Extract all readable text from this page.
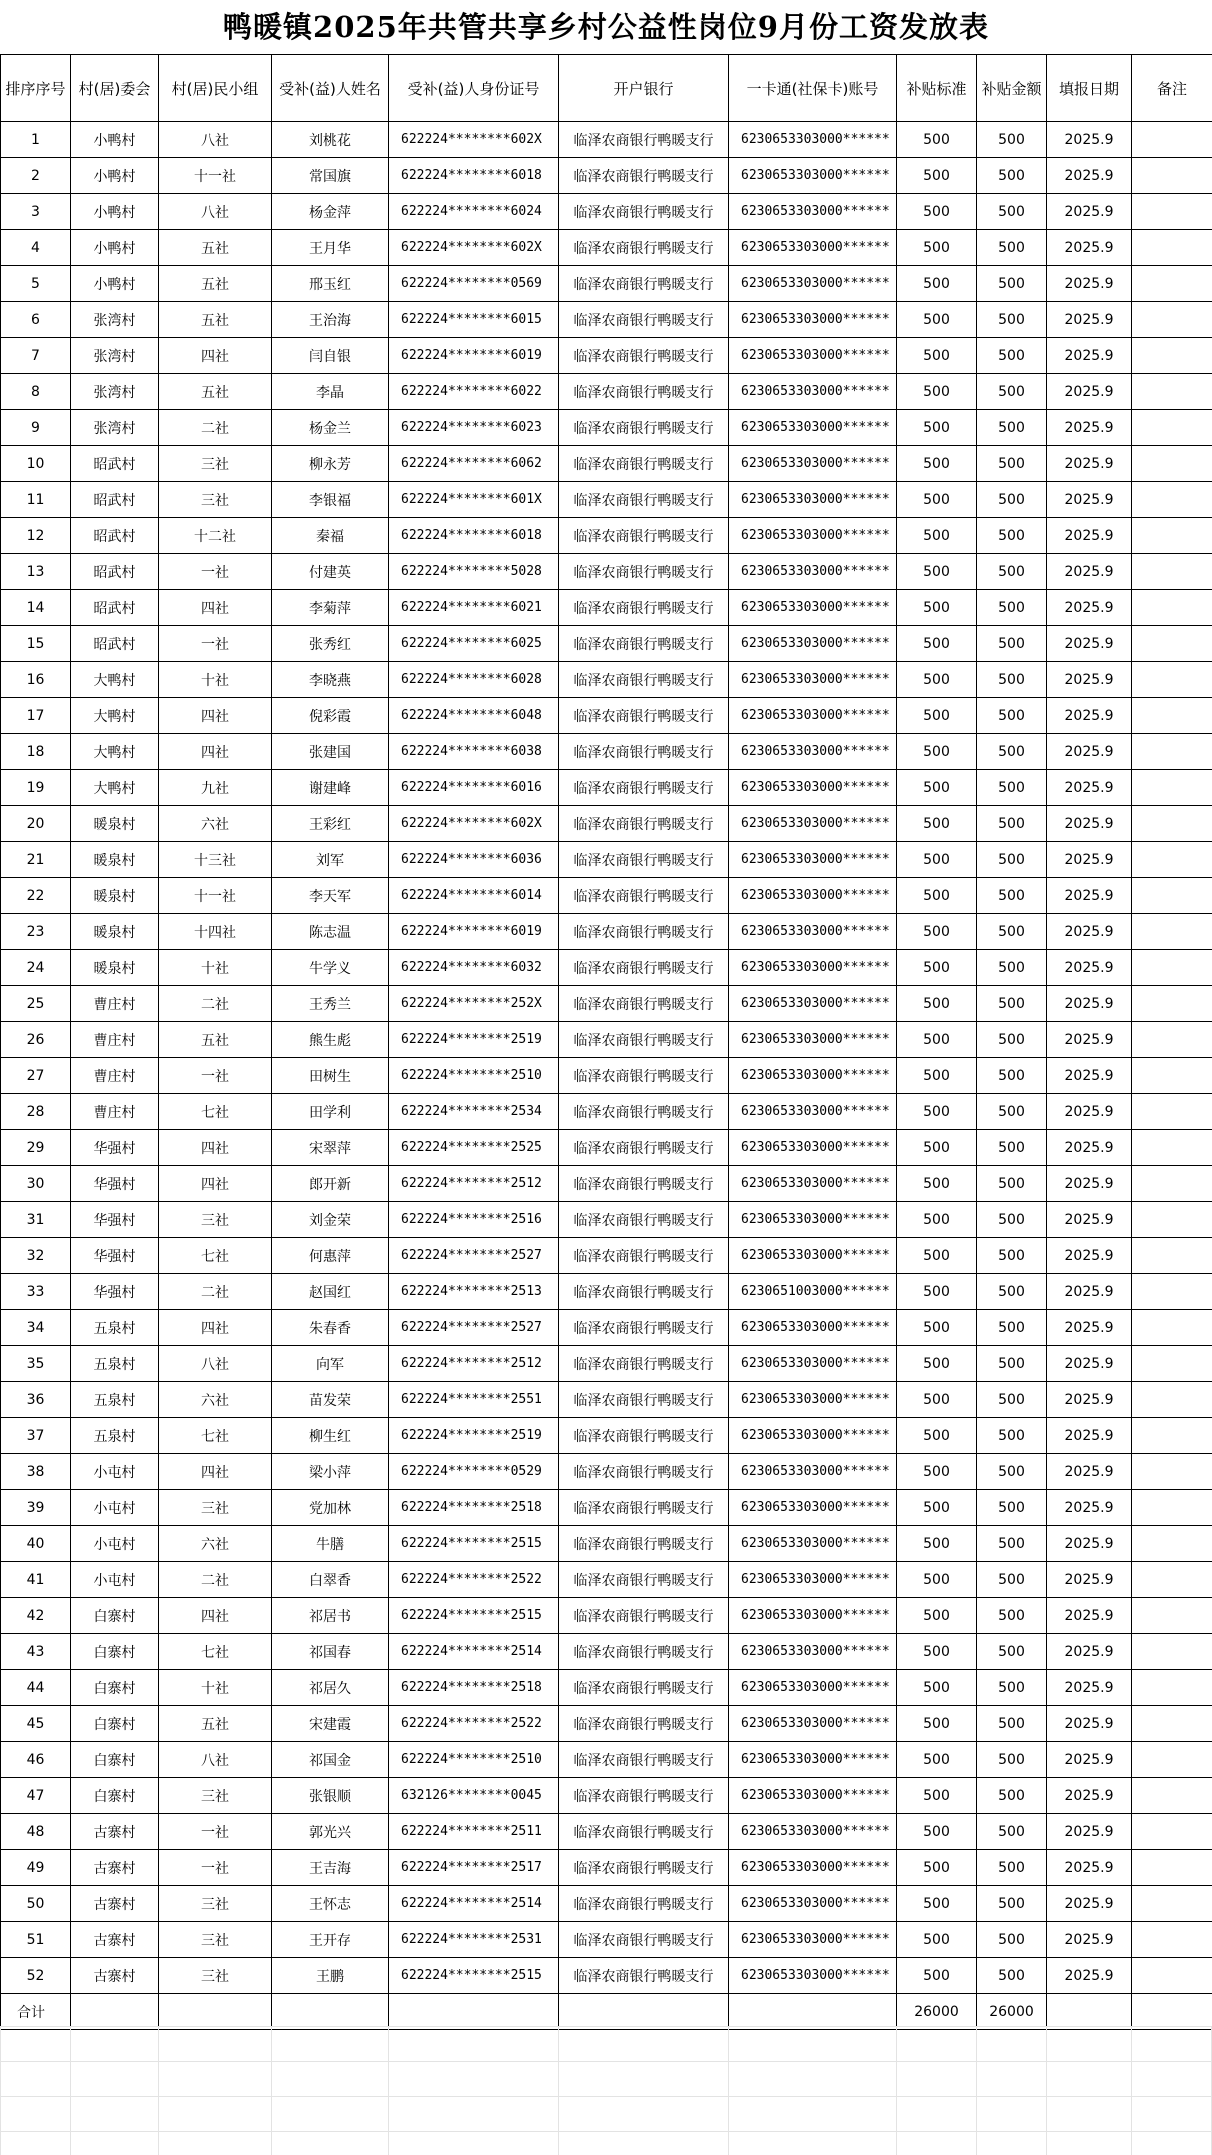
鸭暖镇2025年共管共享乡村公益性岗位9月份工资发放表
排序序号	村(居)委会	村(居)民小组	受补(益)人姓名	受补(益)人身份证号	开户银行	一卡通(社保卡)账号	补贴标准	补贴金额	填报日期	备注
1	小鸭村	八社	刘桃花	622224********602X	临泽农商银行鸭暖支行	6230653303000******	500	500	2025.9	
2	小鸭村	十一社	常国旗	622224********6018	临泽农商银行鸭暖支行	6230653303000******	500	500	2025.9	
3	小鸭村	八社	杨金萍	622224********6024	临泽农商银行鸭暖支行	6230653303000******	500	500	2025.9	
4	小鸭村	五社	王月华	622224********602X	临泽农商银行鸭暖支行	6230653303000******	500	500	2025.9	
5	小鸭村	五社	邢玉红	622224********0569	临泽农商银行鸭暖支行	6230653303000******	500	500	2025.9	
6	张湾村	五社	王治海	622224********6015	临泽农商银行鸭暖支行	6230653303000******	500	500	2025.9	
7	张湾村	四社	闫自银	622224********6019	临泽农商银行鸭暖支行	6230653303000******	500	500	2025.9	
8	张湾村	五社	李晶	622224********6022	临泽农商银行鸭暖支行	6230653303000******	500	500	2025.9	
9	张湾村	二社	杨金兰	622224********6023	临泽农商银行鸭暖支行	6230653303000******	500	500	2025.9	
10	昭武村	三社	柳永芳	622224********6062	临泽农商银行鸭暖支行	6230653303000******	500	500	2025.9	
11	昭武村	三社	李银福	622224********601X	临泽农商银行鸭暖支行	6230653303000******	500	500	2025.9	
12	昭武村	十二社	秦福	622224********6018	临泽农商银行鸭暖支行	6230653303000******	500	500	2025.9	
13	昭武村	一社	付建英	622224********5028	临泽农商银行鸭暖支行	6230653303000******	500	500	2025.9	
14	昭武村	四社	李菊萍	622224********6021	临泽农商银行鸭暖支行	6230653303000******	500	500	2025.9	
15	昭武村	一社	张秀红	622224********6025	临泽农商银行鸭暖支行	6230653303000******	500	500	2025.9	
16	大鸭村	十社	李晓燕	622224********6028	临泽农商银行鸭暖支行	6230653303000******	500	500	2025.9	
17	大鸭村	四社	倪彩霞	622224********6048	临泽农商银行鸭暖支行	6230653303000******	500	500	2025.9	
18	大鸭村	四社	张建国	622224********6038	临泽农商银行鸭暖支行	6230653303000******	500	500	2025.9	
19	大鸭村	九社	谢建峰	622224********6016	临泽农商银行鸭暖支行	6230653303000******	500	500	2025.9	
20	暖泉村	六社	王彩红	622224********602X	临泽农商银行鸭暖支行	6230653303000******	500	500	2025.9	
21	暖泉村	十三社	刘军	622224********6036	临泽农商银行鸭暖支行	6230653303000******	500	500	2025.9	
22	暖泉村	十一社	李天军	622224********6014	临泽农商银行鸭暖支行	6230653303000******	500	500	2025.9	
23	暖泉村	十四社	陈志温	622224********6019	临泽农商银行鸭暖支行	6230653303000******	500	500	2025.9	
24	暖泉村	十社	牛学义	622224********6032	临泽农商银行鸭暖支行	6230653303000******	500	500	2025.9	
25	曹庄村	二社	王秀兰	622224********252X	临泽农商银行鸭暖支行	6230653303000******	500	500	2025.9	
26	曹庄村	五社	熊生彪	622224********2519	临泽农商银行鸭暖支行	6230653303000******	500	500	2025.9	
27	曹庄村	一社	田树生	622224********2510	临泽农商银行鸭暖支行	6230653303000******	500	500	2025.9	
28	曹庄村	七社	田学利	622224********2534	临泽农商银行鸭暖支行	6230653303000******	500	500	2025.9	
29	华强村	四社	宋翠萍	622224********2525	临泽农商银行鸭暖支行	6230653303000******	500	500	2025.9	
30	华强村	四社	郎开新	622224********2512	临泽农商银行鸭暖支行	6230653303000******	500	500	2025.9	
31	华强村	三社	刘金荣	622224********2516	临泽农商银行鸭暖支行	6230653303000******	500	500	2025.9	
32	华强村	七社	何惠萍	622224********2527	临泽农商银行鸭暖支行	6230653303000******	500	500	2025.9	
33	华强村	二社	赵国红	622224********2513	临泽农商银行鸭暖支行	6230651003000******	500	500	2025.9	
34	五泉村	四社	朱春香	622224********2527	临泽农商银行鸭暖支行	6230653303000******	500	500	2025.9	
35	五泉村	八社	向军	622224********2512	临泽农商银行鸭暖支行	6230653303000******	500	500	2025.9	
36	五泉村	六社	苗发荣	622224********2551	临泽农商银行鸭暖支行	6230653303000******	500	500	2025.9	
37	五泉村	七社	柳生红	622224********2519	临泽农商银行鸭暖支行	6230653303000******	500	500	2025.9	
38	小屯村	四社	梁小萍	622224********0529	临泽农商银行鸭暖支行	6230653303000******	500	500	2025.9	
39	小屯村	三社	党加林	622224********2518	临泽农商银行鸭暖支行	6230653303000******	500	500	2025.9	
40	小屯村	六社	牛膳	622224********2515	临泽农商银行鸭暖支行	6230653303000******	500	500	2025.9	
41	小屯村	二社	白翠香	622224********2522	临泽农商银行鸭暖支行	6230653303000******	500	500	2025.9	
42	白寨村	四社	祁居书	622224********2515	临泽农商银行鸭暖支行	6230653303000******	500	500	2025.9	
43	白寨村	七社	祁国春	622224********2514	临泽农商银行鸭暖支行	6230653303000******	500	500	2025.9	
44	白寨村	十社	祁居久	622224********2518	临泽农商银行鸭暖支行	6230653303000******	500	500	2025.9	
45	白寨村	五社	宋建霞	622224********2522	临泽农商银行鸭暖支行	6230653303000******	500	500	2025.9	
46	白寨村	八社	祁国金	622224********2510	临泽农商银行鸭暖支行	6230653303000******	500	500	2025.9	
47	白寨村	三社	张银顺	632126********0045	临泽农商银行鸭暖支行	6230653303000******	500	500	2025.9	
48	古寨村	一社	郭光兴	622224********2511	临泽农商银行鸭暖支行	6230653303000******	500	500	2025.9	
49	古寨村	一社	王吉海	622224********2517	临泽农商银行鸭暖支行	6230653303000******	500	500	2025.9	
50	古寨村	三社	王怀志	622224********2514	临泽农商银行鸭暖支行	6230653303000******	500	500	2025.9	
51	古寨村	三社	王开存	622224********2531	临泽农商银行鸭暖支行	6230653303000******	500	500	2025.9	
52	古寨村	三社	王鹏	622224********2515	临泽农商银行鸭暖支行	6230653303000******	500	500	2025.9	
合计							26000	26000		
